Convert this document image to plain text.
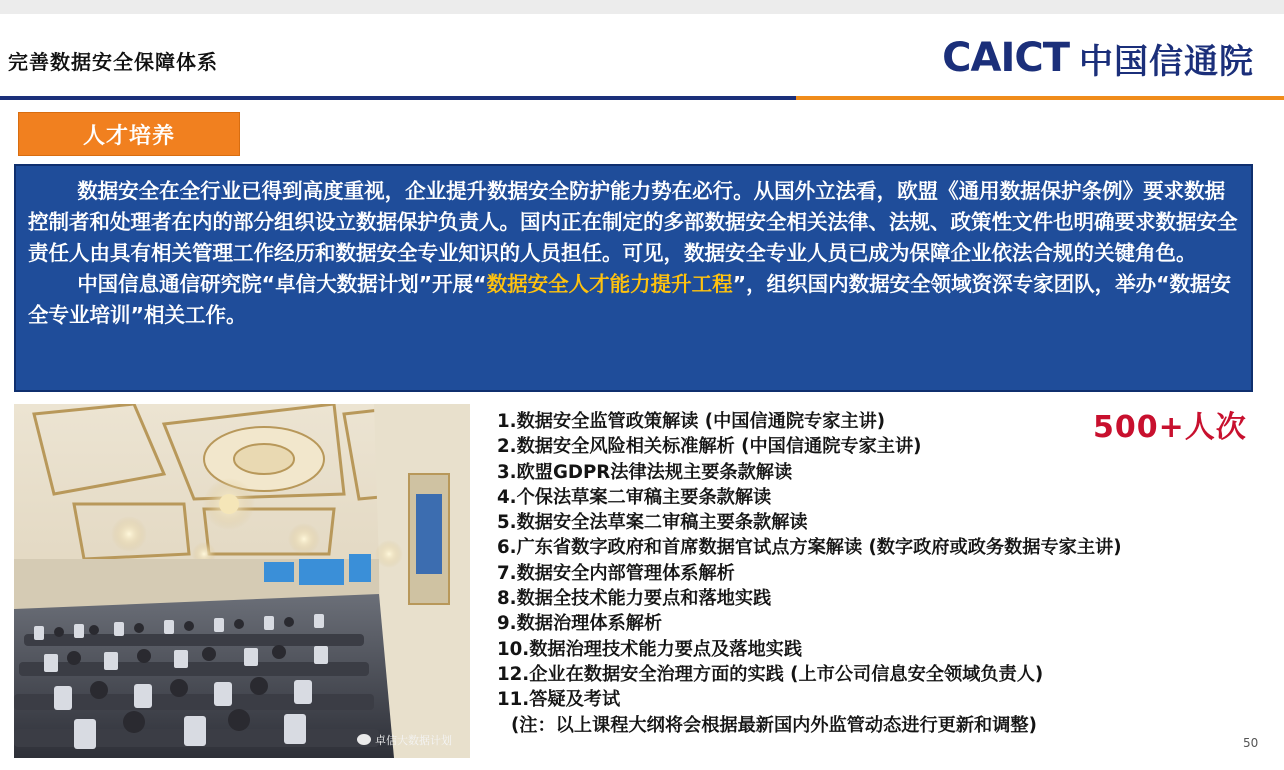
完善数据安全保障体系	CAICT 中国信通院
人才培养

数据安全在全行业已得到高度重视，企业提升数据安全防护能力势在必行。从国外立法看，欧盟《通用数据保护条例》要求数据控制者和处理者在内的部分组织设立数据保护负责人。国内正在制定的多部数据安全相关法律、法规、政策性文件也明确要求数据安全责任人由具有相关管理工作经历和数据安全专业知识的人员担任。可见，数据安全专业人员已成为保障企业依法合规的关键角色。

中国信息通信研究院“卓信大数据计划”开展“数据安全人才能力提升工程”，组织国内数据安全领域资深专家团队，举办“数据安全专业培训”相关工作。

卓信大数据计划
1.数据安全监管政策解读 (中国信通院专家主讲)
2.数据安全风险相关标准解析 (中国信通院专家主讲)
3.欧盟GDPR法律法规主要条款解读
4.个保法草案二审稿主要条款解读
5.数据安全法草案二审稿主要条款解读
6.广东省数字政府和首席数据官试点方案解读 (数字政府或政务数据专家主讲)
7.数据安全内部管理体系解析
8.数据全技术能力要点和落地实践
9.数据治理体系解析
10.数据治理技术能力要点及落地实践
12.企业在数据安全治理方面的实践 (上市公司信息安全领域负责人)
11.答疑及考试
(注：以上课程大纲将会根据最新国内外监管动态进行更新和调整)
500+人次
50
